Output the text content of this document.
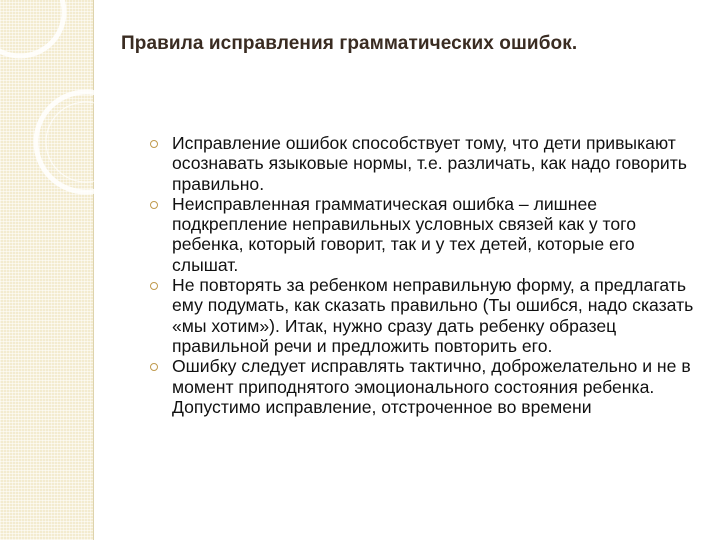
Правила исправления грамматических ошибок.
Исправление ошибок способствует тому, что дети привыкают осознавать языковые нормы, т.е. различать, как надо говорить правильно.
Неисправленная грамматическая ошибка – лишнее подкрепление неправильных условных связей как у того ребенка, который говорит, так и у тех детей, которые его слышат.
Не повторять за ребенком неправильную форму, а предлагать ему подумать, как сказать правильно (Ты ошибся, надо сказать «мы хотим»). Итак, нужно сразу дать ребенку образец правильной речи и предложить повторить его.
Ошибку следует исправлять тактично, доброжелательно и не в момент приподнятого эмоционального состояния ребенка. Допустимо исправление, отстроченное во времени
